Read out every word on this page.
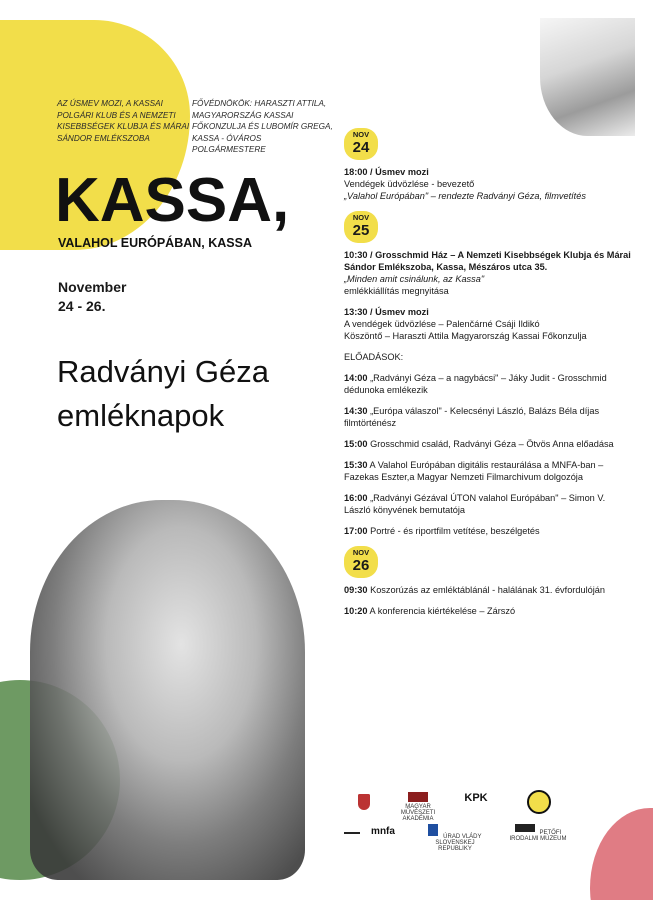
AZ ÚSMEV MOZI, A KASSAI POLGÁRI KLUB ÉS A NEMZETI KISEBBSÉGEK KLUBJA ÉS MÁRAI SÁNDOR EMLÉKSZOBA
FŐVÉDNÖKÖK: HARASZTI ATTILA, MAGYARORSZÁG KASSAI FŐKONZULJA ÉS LUBOMÍR GREGA, KASSA - ÓVÁROS POLGÁRMESTERE
KASSA,
VALAHOL EURÓPÁBAN, KASSA
November
24 - 26.
Radványi Géza
emléknapok
NOV
24
18:00 / Úsmev mozi
Vendégek üdvözlése - bevezető
„Valahol Európában" – rendezte Radványi Géza, filmvetítés
NOV
25
10:30 / Grosschmid Ház – A Nemzeti Kisebbségek Klubja és Márai Sándor Emlékszoba, Kassa, Mészáros utca 35.
„Minden amit csinálunk, az Kassa"
emlékkiállítás megnyitása
13:30 / Úsmev mozi
A vendégek üdvözlése – Palenčárné Csáji Ildikó
Köszöntő – Haraszti Attila Magyarország Kassai Főkonzulja
ELŐADÁSOK:
14:00 „Radványi Géza – a nagybácsi" – Jáky Judit - Grosschmid dédunoka emlékezik
14:30 „Európa válaszol" - Kelecsényi László, Balázs Béla díjas filmtörténész
15:00 Grosschmid család, Radványi Géza – Ötvös Anna előadása
15:30 A Valahol Európában digitális restaurálása a MNFA-ban – Fazekas Eszter,a Magyar Nemzeti Filmarchivum dolgozója
16:00 „Radványi Gézával ÚTON valahol Európában" – Simon V. László könyvének bemutatója
17:00 Portré - és riportfilm vetítése, beszélgetés
NOV
26
09:30 Koszorúzás az emléktáblánál - halálának 31. évfordulóján
10:20 A konferencia kiértékelése – Zárszó
MAGYAR MŰVÉSZETI AKADÉMIA
KPK
mnfa	ÚRAD VLÁDY SLOVENSKEJ REPUBLIKY
PETŐFI IRODALMI MÚZEUM
